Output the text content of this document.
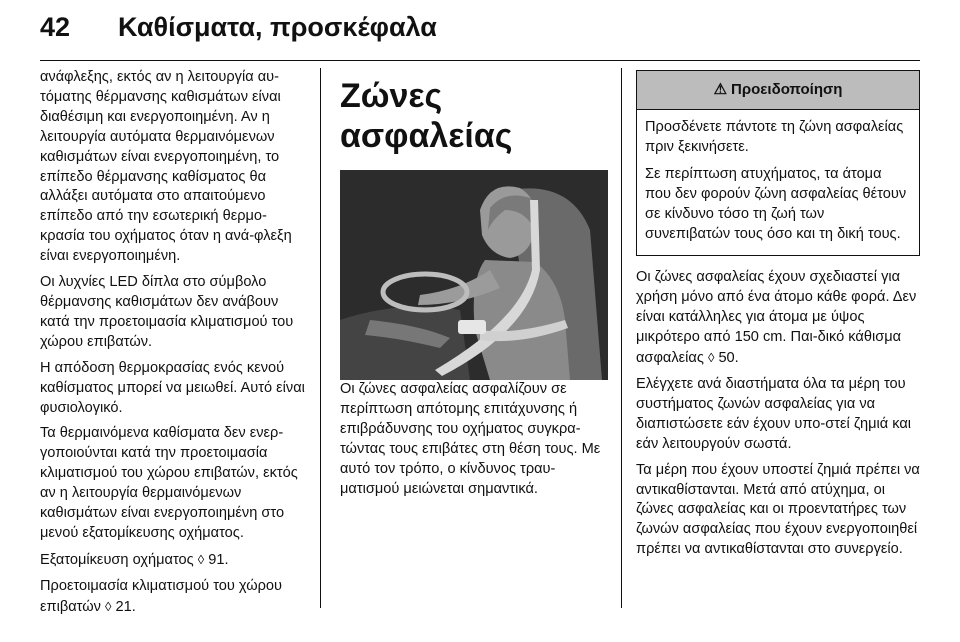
42 Καθίσματα, προσκέφαλα

ανάφλεξης, εκτός αν η λειτουργία αυ-τόματης θέρμανσης καθισμάτων είναι διαθέσιμη και ενεργοποιημένη. Αν η λειτουργία αυτόματα θερμαινόμενων καθισμάτων είναι ενεργοποιημένη, το επίπεδο θέρμανσης καθίσματος θα αλλάξει αυτόματα στο απαιτούμενο επίπεδο από την εσωτερική θερμο-κρασία του οχήματος όταν η ανά-φλεξη είναι ενεργοποιημένη.

Οι λυχνίες LED δίπλα στο σύμβολο θέρμανσης καθισμάτων δεν ανάβουν κατά την προετοιμασία κλιματισμού του χώρου επιβατών.

Η απόδοση θερμοκρασίας ενός κενού καθίσματος μπορεί να μειωθεί. Αυτό είναι φυσιολογικό.

Τα θερμαινόμενα καθίσματα δεν ενερ-γοποιούνται κατά την προετοιμασία κλιματισμού του χώρου επιβατών, εκτός αν η λειτουργία θερμαινόμενων καθισμάτων είναι ενεργοποιημένη στο μενού εξατομίκευσης οχήματος.

Εξατομίκευση οχήματος ◊ 91.

Προετοιμασία κλιματισμού του χώρου επιβατών ◊ 21.

Ζώνες ασφαλείας

Οι ζώνες ασφαλείας ασφαλίζουν σε περίπτωση απότομης επιτάχυνσης ή επιβράδυνσης του οχήματος συγκρα-τώντας τους επιβάτες στη θέση τους. Με αυτό τον τρόπο, ο κίνδυνος τραυ-ματισμού μειώνεται σημαντικά.

⚠ Προειδοποίηση

Προσδένετε πάντοτε τη ζώνη ασφαλείας πριν ξεκινήσετε.

Σε περίπτωση ατυχήματος, τα άτομα που δεν φορούν ζώνη ασφαλείας θέτουν σε κίνδυνο τόσο τη ζωή των συνεπιβατών τους όσο και τη δική τους.

Οι ζώνες ασφαλείας έχουν σχεδιαστεί για χρήση μόνο από ένα άτομο κάθε φορά. Δεν είναι κατάλληλες για άτομα με ύψος μικρότερο από 150 cm. Παι-δικό κάθισμα ασφαλείας ◊ 50.

Ελέγχετε ανά διαστήματα όλα τα μέρη του συστήματος ζωνών ασφαλείας για να διαπιστώσετε εάν έχουν υπο-στεί ζημιά και εάν λειτουργούν σωστά.

Τα μέρη που έχουν υποστεί ζημιά πρέπει να αντικαθίστανται. Μετά από ατύχημα, οι ζώνες ασφαλείας και οι προεντατήρες των ζωνών ασφαλείας που έχουν ενεργοποιηθεί πρέπει να αντικαθίστανται στο συνεργείο.
